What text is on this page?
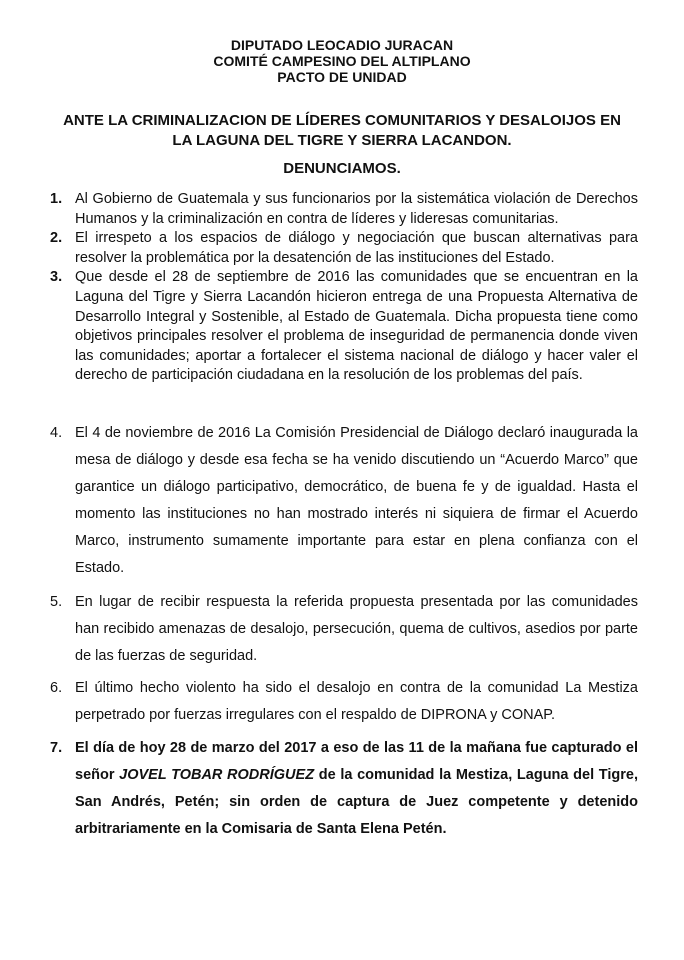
DIPUTADO LEOCADIO JURACAN
COMITÉ CAMPESINO DEL ALTIPLANO
PACTO DE UNIDAD
ANTE LA CRIMINALIZACION DE LÍDERES COMUNITARIOS Y DESALOIJOS EN
LA LAGUNA DEL TIGRE Y SIERRA LACANDON.
DENUNCIAMOS.
1. Al Gobierno de Guatemala y sus funcionarios por la sistemática violación de Derechos Humanos y la criminalización en contra de líderes y lideresas comunitarias.
2. El irrespeto a los espacios de diálogo y negociación que buscan alternativas para resolver la problemática por la desatención de las instituciones del Estado.
3. Que desde el 28 de septiembre de 2016 las comunidades que se encuentran en la Laguna del Tigre y Sierra Lacandón hicieron entrega de una Propuesta Alternativa de Desarrollo Integral y Sostenible, al Estado de Guatemala. Dicha propuesta tiene como objetivos principales resolver el problema de inseguridad de permanencia donde viven las comunidades; aportar a fortalecer el sistema nacional de diálogo y hacer valer el derecho de participación ciudadana en la resolución de los problemas del país.
4. El 4 de noviembre de 2016 La Comisión Presidencial de Diálogo declaró inaugurada la mesa de diálogo y desde esa fecha se ha venido discutiendo un “Acuerdo Marco” que garantice un diálogo participativo, democrático, de buena fe y de igualdad. Hasta el momento las instituciones no han mostrado interés ni siquiera de firmar el Acuerdo Marco, instrumento sumamente importante para estar en plena confianza con el Estado.
5. En lugar de recibir respuesta la referida propuesta presentada por las comunidades han recibido amenazas de desalojo, persecución, quema de cultivos, asedios por parte de las fuerzas de seguridad.
6. El último hecho violento ha sido el desalojo en contra de la comunidad La Mestiza perpetrado por fuerzas irregulares con el respaldo de DIPRONA y CONAP.
7. El día de hoy 28 de marzo del 2017 a eso de las 11 de la mañana fue capturado el señor JOVEL TOBAR RODRÍGUEZ de la comunidad la Mestiza, Laguna del Tigre, San Andrés, Petén; sin orden de captura de Juez competente y detenido arbitrariamente en la Comisaria de Santa Elena Petén.
